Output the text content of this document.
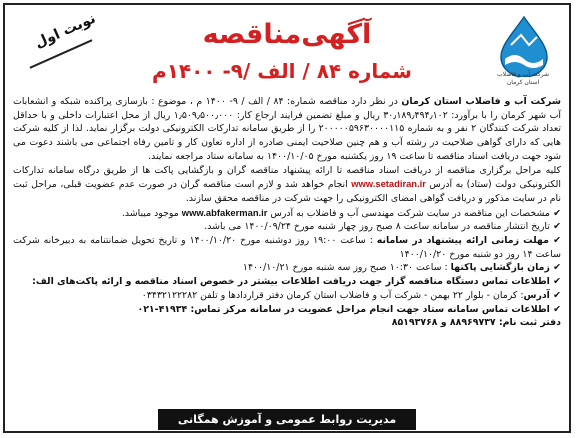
شرکت آب و فاضلاب
استان کرمان
آگهی‌مناقصه
شماره ۸۴ / الف /۹- ۱۴۰۰م
نوبت اول

شرکت آب و فاضلاب استان کرمان در نظر دارد مناقصه شماره: ۸۴ / الف / ۹- ۱۴۰۰ م ، موضوع : بازسازی پراکنده شبکه و انشعابات آب شهر کرمان را با برآورد: ۳۰٫۱۸۹٫۴۹۴٫۱۰۲ ریال و مبلغ تضمین فرایند ارجاع کار: ۱٫۵۰۹٫۵۰۰٫۰۰۰ ریال از محل اعتبارات داخلی و با حداقل تعداد شرکت کنندگان ۲ نفر و به شماره ۲۰۰۰۰۰۵۹۶۳۰۰۰۰۱۱۵ را از طریق سامانه تدارکات الکترونیکی دولت برگزار نماید. لذا از کلیه شرکت هایی که دارای گواهی صلاحیت در رشته آب و هم چنین صلاحیت ایمنی صادره از اداره تعاون کار و تامین رفاه اجتماعی می باشند دعوت می شود جهت دریافت اسناد مناقصه تا ساعت ۱۹ روز یکشنبه مورخ ۱۴۰۰/۱۰/۰۵ به سامانه ستاد مراجعه نمایند.

کلیه مراحل برگزاری مناقصه از دریافت اسناد مناقصه تا ارائه پیشنهاد مناقصه گران و بازگشایی پاکت ها از طریق درگاه سامانه تدارکات الکترونیکی دولت (ستاد) به آدرس www.setadiran.ir انجام خواهد شد و لازم است مناقصه گران در صورت عدم عضویت قبلی، مراحل ثبت نام در سایت مذکور و دریافت گواهی امضای الکترونیکی را جهت شرکت در مناقصه محقق سازند.

✔ مشخصات این مناقصه در سایت شرکت مهندسی آب و فاضلاب به آدرس www.abfakerman.ir موجود میباشد.

✔ تاریخ انتشار مناقصه در سامانه ساعت ۸ صبح روز چهار شنبه مورخ ۱۴۰۰/۰۹/۲۴ می باشد.

✔ مهلت زمانی ارائه پیشنهاد در سامانه : ساعت ۱۹:۰۰ روز دوشنبه مورخ ۱۴۰۰/۱۰/۲۰ و تاریخ تحویل ضمانتنامه به دبیرخانه شرکت ساعت ۱۴ روز دو شنبه مورخ ۱۴۰۰/۱۰/۲۰

✔ زمان بازگشایی پاکتها : ساعت ۱۰:۳۰ صبح روز سه شنبه مورخ ۱۴۰۰/۱۰/۲۱

✔ اطلاعات تماس دستگاه مناقصه گزار جهت دریافت اطلاعات بیشتر در خصوص اسناد مناقصه و ارائه پاکت‌های الف:

✔ آدرس: کرمان - بلوار ۲۲ بهمن - شرکت آب و فاضلاب استان کرمان دفتر قراردادها و تلفن ۰۳۴۳۲۱۲۲۲۸۲

✔ اطلاعات تماس سامانه ستاد جهت انجام مراحل عضویت در سامانه مرکز تماس: ۴۱۹۳۴-۰۲۱

دفتر ثبت نام: ۸۸۹۶۹۷۳۷ و ۸۵۱۹۳۷۶۸

مدیریت روابط عمومی و آموزش همگانی
